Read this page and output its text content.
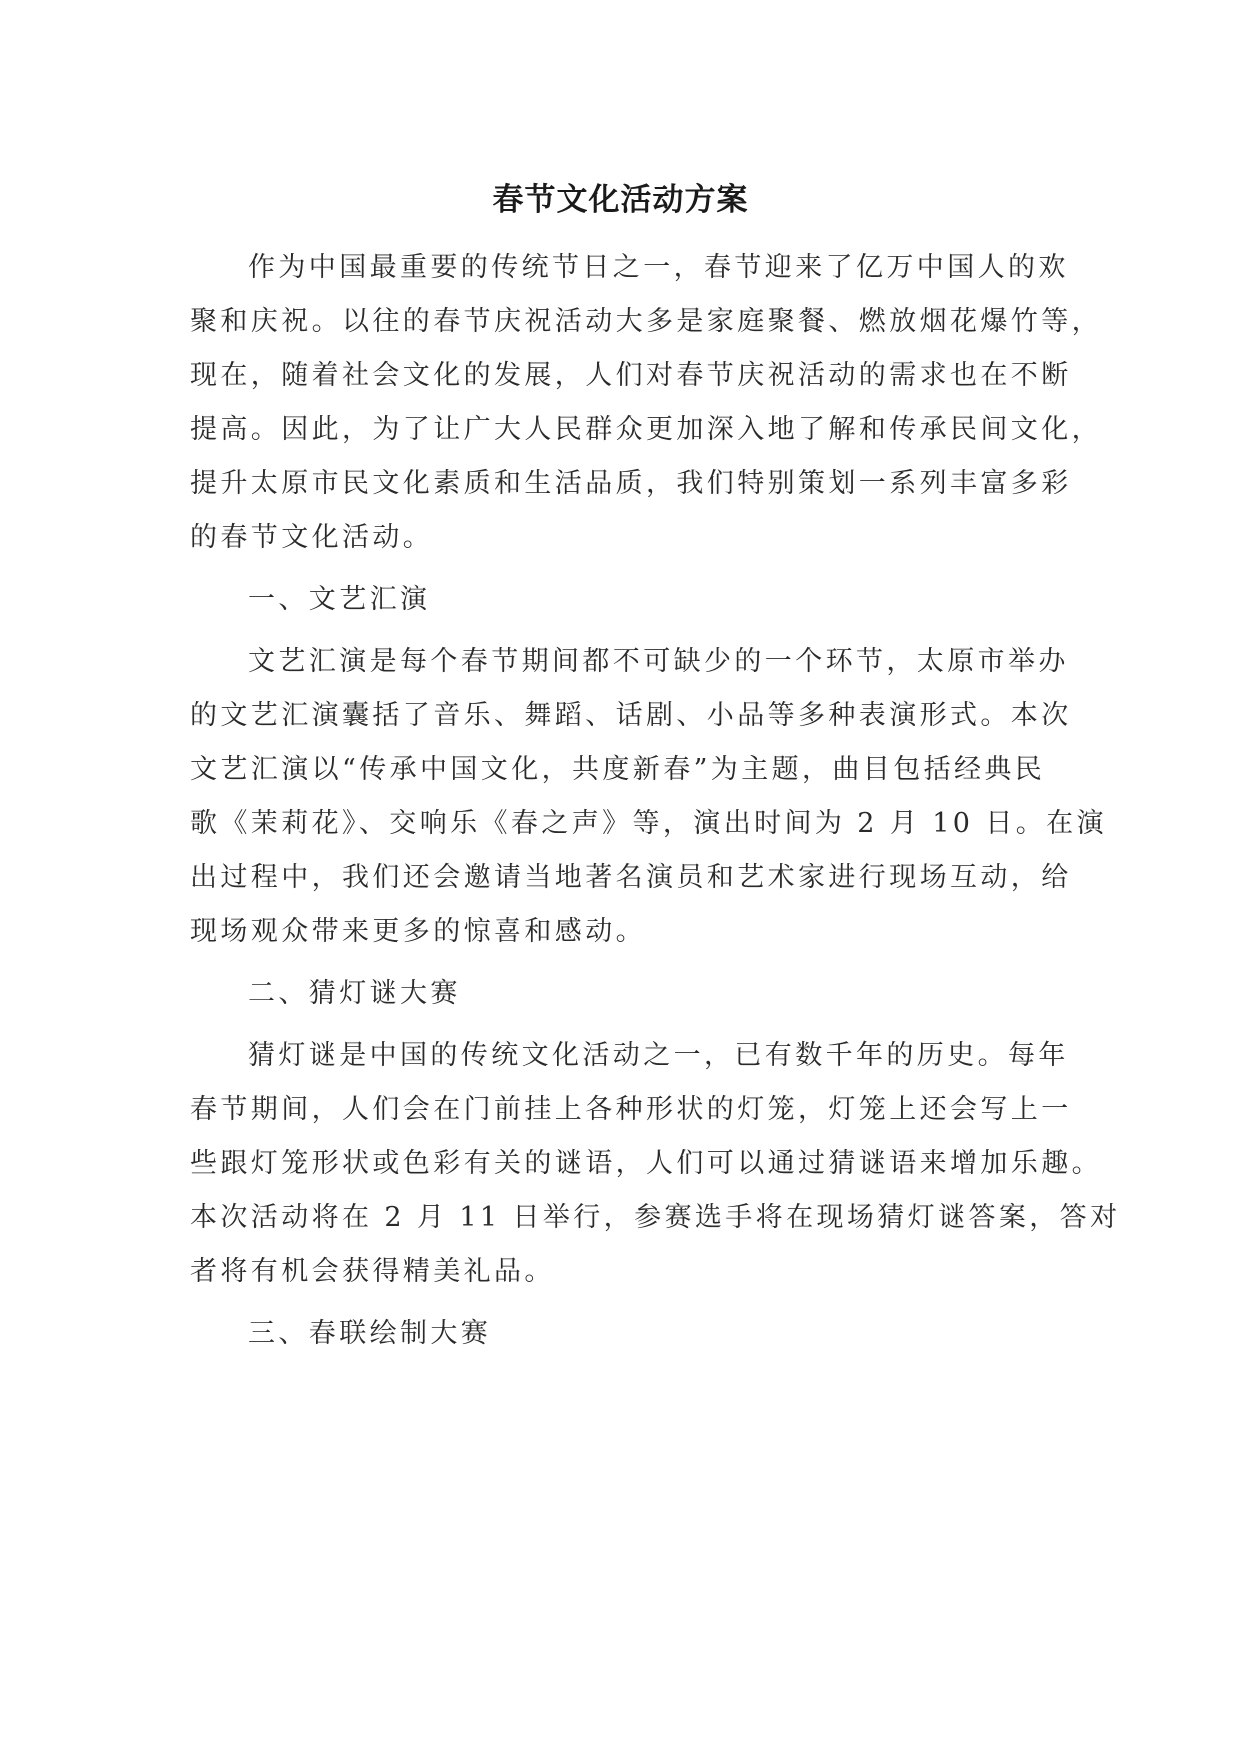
春节文化活动方案
作为中国最重要的传统节日之一，春节迎来了亿万中国人的欢
聚和庆祝。以往的春节庆祝活动大多是家庭聚餐、燃放烟花爆竹等，
现在，随着社会文化的发展，人们对春节庆祝活动的需求也在不断
提高。因此，为了让广大人民群众更加深入地了解和传承民间文化，
提升太原市民文化素质和生活品质，我们特别策划一系列丰富多彩
的春节文化活动。
一、文艺汇演
文艺汇演是每个春节期间都不可缺少的一个环节，太原市举办
的文艺汇演囊括了音乐、舞蹈、话剧、小品等多种表演形式。本次
文艺汇演以“传承中国文化，共度新春”为主题，曲目包括经典民
歌《茉莉花》、交响乐《春之声》等，演出时间为 2 月 10 日。在演
出过程中，我们还会邀请当地著名演员和艺术家进行现场互动，给
现场观众带来更多的惊喜和感动。
二、猜灯谜大赛
猜灯谜是中国的传统文化活动之一，已有数千年的历史。每年
春节期间，人们会在门前挂上各种形状的灯笼，灯笼上还会写上一
些跟灯笼形状或色彩有关的谜语，人们可以通过猜谜语来增加乐趣。
本次活动将在 2 月 11 日举行，参赛选手将在现场猜灯谜答案，答对
者将有机会获得精美礼品。
三、春联绘制大赛
